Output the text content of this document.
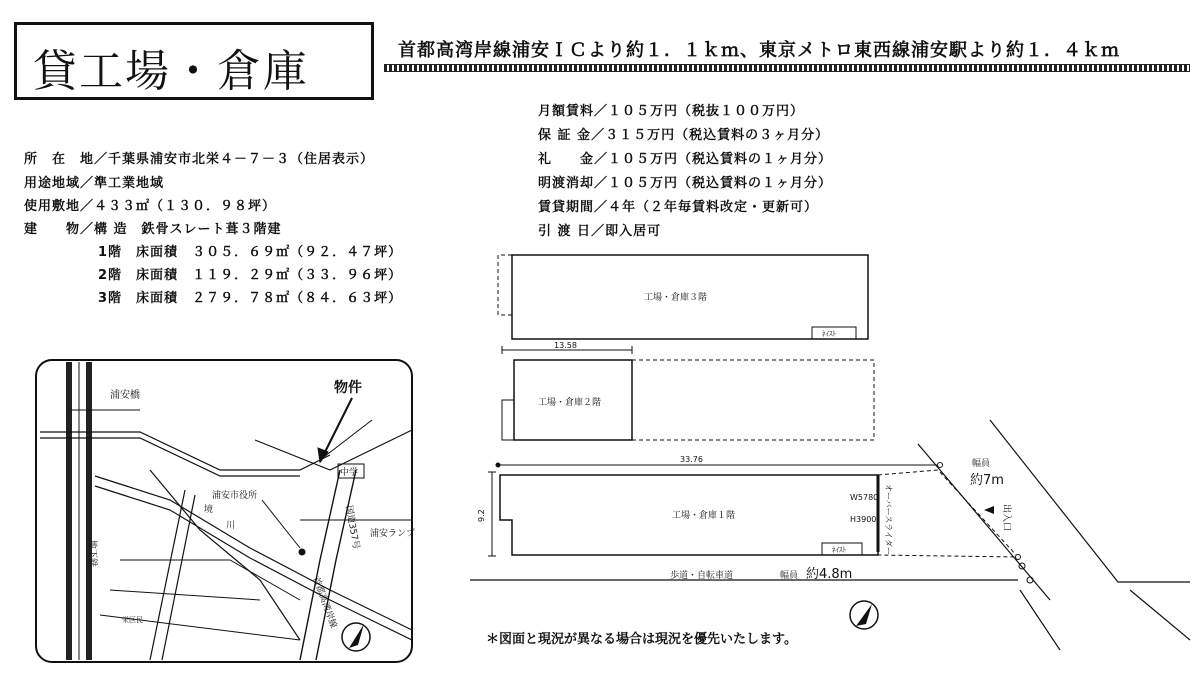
貸工場・倉庫	首都高湾岸線浦安ＩＣより約１．１ｋｍ、東京メトロ東西線浦安駅より約１．４ｋｍ
所　在　地／千葉県浦安市北栄４－７－３（住居表示）
用途地域／準工業地域
使用敷地／４３３㎡（１３０．９８坪）
建　　物／構 造　鉄骨スレート葺３階建
1階　床面積　 ３０５．６９㎡（９２．４７坪）
2階　床面積　 １１９．２９㎡（３３．９６坪）
3階　床面積　 ２７９．７８㎡（８４．６３坪）
月額賃料／１０５万円（税抜１００万円）
保 証 金／３１５万円（税込賃料の３ヶ月分）
礼　　金／１０５万円（税込賃料の１ヶ月分）
明渡消却／１０５万円（税込賃料の１ヶ月分）
賃貸期間／４年（２年毎賃料改定・更新可）
引 渡 日／即入居可
浦安橋	物件
中学
浦安市役所
境
川
浦安ランプ
国道357号
首都高湾岸線
栄区民
地下鉄
工場・倉庫３階
ﾈｲｽﾄ
13.58
工場・倉庫２階
33.76
9.2	工場・倉庫１階
ﾈｲｽﾄ
W5780
H3900 オーバースライダー
幅員
約7m
出入口
歩道・自転車道	幅員 約4.8m
＊図面と現況が異なる場合は現況を優先いたします。
